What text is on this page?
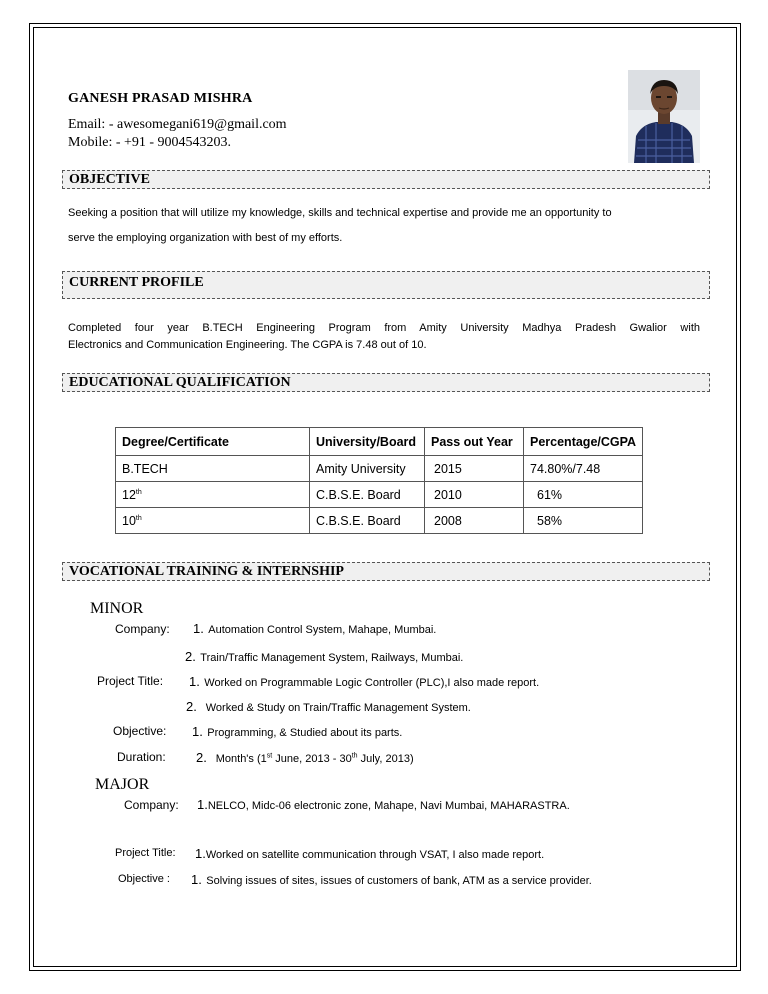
GANESH PRASAD MISHRA
Email: - awesomegani619@gmail.com
Mobile: - +91 - 9004543203.
OBJECTIVE
Seeking a position that will utilize my knowledge, skills and technical expertise and provide me an opportunity to
serve the employing organization with best of my efforts.
CURRENT PROFILE
Completed four year B.TECH Engineering Program from Amity University Madhya Pradesh Gwalior with
Electronics and Communication Engineering. The CGPA is 7.48 out of 10.
EDUCATIONAL QUALIFICATION
Degree/Certificate	University/Board	Pass out Year	Percentage/CGPA
B.TECH	Amity University	2015	74.80%/7.48
12th	C.B.S.E. Board	2010	61%
10th	C.B.S.E. Board	2008	58%
VOCATIONAL TRAINING & INTERNSHIP
MINOR
Company: 1. Automation Control System, Mahape, Mumbai.
2. Train/Traffic Management System, Railways, Mumbai.
Project Title: 1. Worked on Programmable Logic Controller (PLC),I also made report.
2. Worked & Study on Train/Traffic Management System.
Objective: 1. Programming, & Studied about its parts.
Duration: 2. Month's (1st June, 2013 - 30th July, 2013)
MAJOR
Company: 1.NELCO, Midc-06 electronic zone, Mahape, Navi Mumbai, MAHARASTRA.
Project Title: 1.Worked on satellite communication through VSAT, I also made report.
Objective : 1. Solving issues of sites, issues of customers of bank, ATM as a service provider.
